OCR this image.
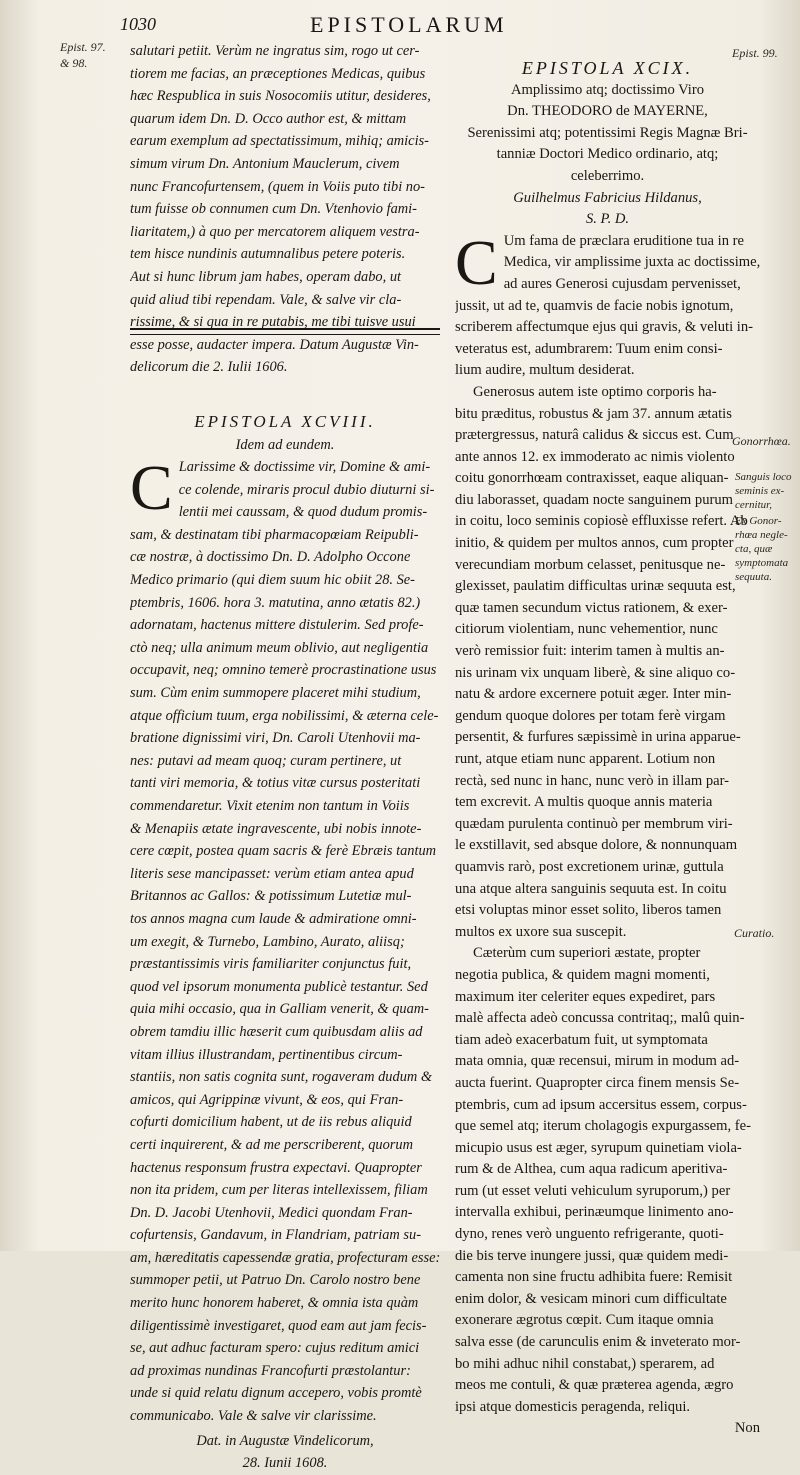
1030	EPISTOLARUM
Epist. 97.
& 98.
Epist. 99.
Gonorrhœa.
Sanguis loco
seminis ex-
cernitur,
Ex Gonor-
rhœa negle-
cta, quæ
symptomata
sequuta.
Curatio.
salutari petiit. Verùm ne ingratus sim, rogo ut cer-
tiorem me facias, an præceptiones Medicas, quibus
hæc Respublica in suis Nosocomiis utitur, desideres,
quarum idem Dn. D. Occo author est, & mittam
earum exemplum ad spectatissimum, mihiq; amicis-
simum virum Dn. Antonium Mauclerum, civem
nunc Francofurtensem, (quem in Voiis puto tibi no-
tum fuisse ob connumen cum Dn. Vtenhovio fami-
liaritatem,) à quo per mercatorem aliquem vestra-
tem hisce nundinis autumnalibus petere poteris.
Aut si hunc librum jam habes, operam dabo, ut
quid aliud tibi rependam. Vale, & salve vir cla-
rissime, & si qua in re putabis, me tibi tuisve usui
esse posse, audacter impera. Datum Augustæ Vin-
delicorum die 2. Iulii 1606.
EPISTOLA XCVIII.
Idem ad eundem.
C Larissime & doctissime vir, Domine & ami-
ce colende, miraris procul dubio diuturni si-
lentii mei caussam, & quod dudum promis-
sam, & destinatam tibi pharmacopœiam Reipubli-
cæ nostræ, à doctissimo Dn. D. Adolpho Occone
Medico primario (qui diem suum hic obiit 28. Se-
ptembris, 1606. hora 3. matutina, anno ætatis 82.)
adornatam, hactenus mittere distulerim. Sed profe-
ctò neq; ulla animum meum oblivio, aut negligentia
occupavit, neq; omnino temerè procrastinatione usus
sum. Cùm enim summopere placeret mihi studium,
atque officium tuum, erga nobilissimi, & æterna cele-
bratione dignissimi viri, Dn. Caroli Utenhovii ma-
nes: putavi ad meam quoq; curam pertinere, ut
tanti viri memoria, & totius vitæ cursus posteritati
commendaretur. Vixit etenim non tantum in Voiis
& Menapiis ætate ingravescente, ubi nobis innote-
cere cœpit, postea quam sacris & ferè Ebræis tantum
literis sese mancipasset: verùm etiam antea apud
Britannos ac Gallos: & potissimum Lutetiæ mul-
tos annos magna cum laude & admiratione omni-
um exegit, & Turnebo, Lambino, Aurato, aliisq;
præstantissimis viris familiariter conjunctus fuit,
quod vel ipsorum monumenta publicè testantur. Sed
quia mihi occasio, qua in Galliam venerit, & quam-
obrem tamdiu illic hæserit cum quibusdam aliis ad
vitam illius illustrandam, pertinentibus circum-
stantiis, non satis cognita sunt, rogaveram dudum &
amicos, qui Agrippinæ vivunt, & eos, qui Fran-
cofurti domicilium habent, ut de iis rebus aliquid
certi inquirerent, & ad me perscriberent, quorum
hactenus responsum frustra expectavi. Quapropter
non ita pridem, cum per literas intellexissem, filiam
Dn. D. Jacobi Utenhovii, Medici quondam Fran-
cofurtensis, Gandavum, in Flandriam, patriam su-
am, hæreditatis capessendæ gratia, profecturam esse:
summoper petii, ut Patruo Dn. Carolo nostro bene
merito hunc honorem haberet, & omnia ista quàm
diligentissimè investigaret, quod eam aut jam fecis-
se, aut adhuc facturam spero: cujus reditum amici
ad proximas nundinas Francofurti præstolantur:
unde si quid relatu dignum accepero, vobis promtè
communicabo. Vale & salve vir clarissime.
Dat. in Augustæ Vindelicorum,
28. Iunii 1608.
EPISTOLA XCIX.
Amplissimo atq; doctissimo Viro
Dn. THEODORO de MAYERNE,
Serenissimi atq; potentissimi Regis Magnæ Bri-
tanniæ Doctori Medico ordinario, atq;
celeberrimo.
Guilhelmus Fabricius Hildanus,
S. P. D.
C Um fama de præclara eruditione tua in re
Medica, vir amplissime juxta ac doctissime,
ad aures Generosi cujusdam pervenisset,
jussit, ut ad te, quamvis de facie nobis ignotum,
scriberem affectumque ejus qui gravis, & veluti in-
veteratus est, adumbrarem: Tuum enim consi-
lium audire, multum desiderat.
Generosus autem iste optimo corporis ha-
bitu præditus, robustus & jam 37. annum ætatis
prætergressus, naturâ calidus & siccus est. Cum
ante annos 12. ex immoderato ac nimis violento
coitu gonorrhœam contraxisset, eaque aliquan-
diu laborasset, quadam nocte sanguinem purum
in coitu, loco seminis copiosè effluxisse refert. Ab
initio, & quidem per multos annos, cum propter
verecundiam morbum celasset, penitusque ne-
glexisset, paulatim difficultas urinæ sequuta est,
quæ tamen secundum victus rationem, & exer-
citiorum violentiam, nunc vehementior, nunc
verò remissior fuit: interim tamen à multis an-
nis urinam vix unquam liberè, & sine aliquo co-
natu & ardore excernere potuit æger. Inter min-
gendum quoque dolores per totam ferè virgam
persentit, & furfures sæpissimè in urina apparue-
runt, atque etiam nunc apparent. Lotium non
rectà, sed nunc in hanc, nunc verò in illam par-
tem excrevit. A multis quoque annis materia
quædam purulenta continuò per membrum viri-
le exstillavit, sed absque dolore, & nonnunquam
quamvis rarò, post excretionem urinæ, guttula
una atque altera sanguinis sequuta est. In coitu
etsi voluptas minor esset solito, liberos tamen
multos ex uxore sua suscepit.
Cæterùm cum superiori æstate, propter
negotia publica, & quidem magni momenti,
maximum iter celeriter eques expediret, pars
malè affecta adeò concussa contritaq;, malû quin-
tiam adeò exacerbatum fuit, ut symptomata
mata omnia, quæ recensui, mirum in modum ad-
aucta fuerint. Quapropter circa finem mensis Se-
ptembris, cum ad ipsum accersitus essem, corpus-
que semel atq; iterum cholagogis expurgassem, fe-
micupio usus est æger, syrupum quinetiam viola-
rum & de Althea, cum aqua radicum aperitiva-
rum (ut esset veluti vehiculum syruporum,) per
intervalla exhibui, perinæumque linimento ano-
dyno, renes verò unguento refrigerante, quoti-
die bis terve inungere jussi, quæ quidem medi-
camenta non sine fructu adhibita fuere: Remisit
enim dolor, & vesicam minori cum difficultate
exonerare ægrotus cœpit. Cum itaque omnia
salva esse (de carunculis enim & inveterato mor-
bo mihi adhuc nihil constabat,) sperarem, ad
meos me contuli, & quæ præterea agenda, ægro
ipsi atque domesticis peragenda, reliqui.
Non
